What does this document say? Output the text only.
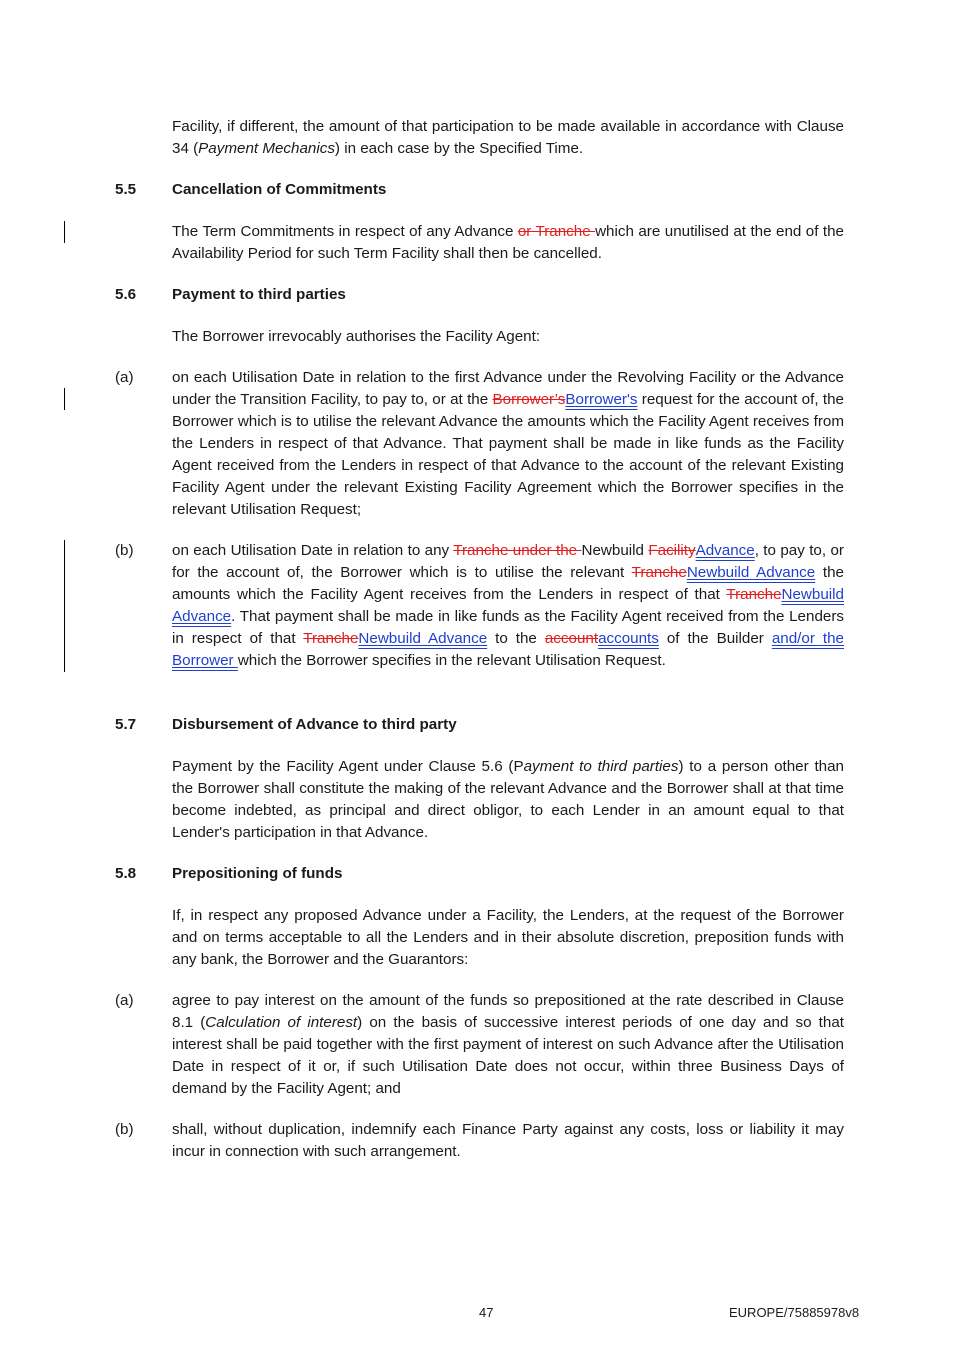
Facility, if different, the amount of that participation to be made available in accordance with Clause 34 (Payment Mechanics) in each case by the Specified Time.
5.5 Cancellation of Commitments
The Term Commitments in respect of any Advance or Tranche which are unutilised at the end of the Availability Period for such Term Facility shall then be cancelled.
5.6 Payment to third parties
The Borrower irrevocably authorises the Facility Agent:
(a)	on each Utilisation Date in relation to the first Advance under the Revolving Facility or the Advance under the Transition Facility, to pay to, or at the Borrower’sBorrower's request for the account of, the Borrower which is to utilise the relevant Advance the amounts which the Facility Agent receives from the Lenders in respect of that Advance. That payment shall be made in like funds as the Facility Agent received from the Lenders in respect of that Advance to the account of the relevant Existing Facility Agent under the relevant Existing Facility Agreement which the Borrower specifies in the relevant Utilisation Request;
(b)	on each Utilisation Date in relation to any Tranche under the Newbuild FacilityAdvance, to pay to, or for the account of, the Borrower which is to utilise the relevant TrancheNewbuild Advance the amounts which the Facility Agent receives from the Lenders in respect of that TrancheNewbuild Advance. That payment shall be made in like funds as the Facility Agent received from the Lenders in respect of that TrancheNewbuild Advance to the accountaccounts of the Builder and/or the Borrower which the Borrower specifies in the relevant Utilisation Request.
5.7 Disbursement of Advance to third party
Payment by the Facility Agent under Clause 5.6 (Payment to third parties) to a person other than the Borrower shall constitute the making of the relevant Advance and the Borrower shall at that time become indebted, as principal and direct obligor, to each Lender in an amount equal to that Lender's participation in that Advance.
5.8 Prepositioning of funds
If, in respect any proposed Advance under a Facility, the Lenders, at the request of the Borrower and on terms acceptable to all the Lenders and in their absolute discretion, preposition funds with any bank, the Borrower and the Guarantors:
(a)	agree to pay interest on the amount of the funds so prepositioned at the rate described in Clause 8.1 (Calculation of interest) on the basis of successive interest periods of one day and so that interest shall be paid together with the first payment of interest on such Advance after the Utilisation Date in respect of it or, if such Utilisation Date does not occur, within three Business Days of demand by the Facility Agent; and
(b)	shall, without duplication, indemnify each Finance Party against any costs, loss or liability it may incur in connection with such arrangement.
47	EUROPE/75885978v8
